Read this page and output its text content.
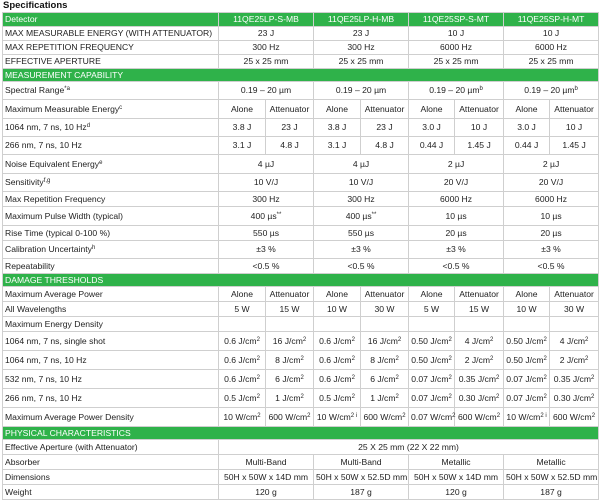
Specifications
Detector	11QE25LP-S-MB		11QE25LP-H-MB		11QE25SP-S-MT		11QE25SP-H-MT	
MAX MEASURABLE ENERGY (WITH ATTENUATOR)	23 J		23 J		10 J		10 J	
MAX REPETITION FREQUENCY	300 Hz		300 Hz		6000 Hz		6000 Hz	
EFFECTIVE APERTURE	25 x 25 mm		25 x 25 mm		25 x 25 mm		25 x 25 mm	
MEASUREMENT CAPABILITY								
Spectral Range$^{*a}$	0.19 – 20 µm		0.19 – 20 µm		0.19 – 20 µm$^b$		0.19 – 20 µm$^b$
Maximum Measurable Energy$^c$	Alone	Attenuator	Alone	Attenuator	Alone	Attenuator	Alone	Attenuator
1064 nm, 7 ns, 10 Hz$^d$	3.8 J	23 J	3.8 J	23 J	3.0 J	10 J	3.0 J	10 J
266 nm, 7 ns, 10 Hz	3.1 J	4.8 J	3.1 J	4.8 J	0.44 J	1.45 J	0.44 J	1.45 J
Noise Equivalent Energy$^e$	4 µJ		4 µJ		2 µJ		2 µJ	
Sensitivity$^{f,g}$	10 V/J		10 V/J		20 V/J		20 V/J	
Max Repetition Frequency	300 Hz		300 Hz		6000 Hz		6000 Hz	
Maximum Pulse Width (typical)	400 µs**		400 µs**		10 µs		10 µs	
Rise Time (typical 0-100 %)	550 µs		550 µs		20 µs		20 µs	
Calibration Uncertainty$^h$	±3 %		±3 %		±3 %		±3 %	
Repeatability	<0.5 %		<0.5 %		<0.5 %		<0.5 %	
DAMAGE THRESHOLDS								
Maximum Average Power	Alone	Attenuator	Alone	Attenuator	Alone	Attenuator	Alone	Attenuator
All Wavelengths	5 W	15 W	10 W	30 W	5 W	15 W	10 W	30 W
Maximum Energy Density								
1064 nm, 7 ns, single shot	0.6 $J/cm^2$	16 $J/cm^2$	0.6 $J/cm^2$	16 $J/cm^2$	0.50 $J/cm^2$	4 $J/cm^2$	0.50 $J/cm^2$	4 $J/cm^2$
1064 nm, 7 ns, 10 Hz	0.6 $J/cm^2$	8 $J/cm^2$	0.6 $J/cm^2$	8 $J/cm^2$	0.50 $J/cm^2$	2 $J/cm^2$	0.50 $J/cm^2$	2 $J/cm^2$
532 nm, 7 ns, 10 Hz	0.6 $J/cm^2$	6 $J/cm^2$	0.6 $J/cm^2$	6 $J/cm^2$	0.07 $J/cm^2$	0.35 $J/cm^2$	0.07 $J/cm^2$	0.35 $J/cm^2$
266 nm, 7 ns, 10 Hz	0.5 $J/cm^2$	1 $J/cm^2$	0.5 $J/cm^2$	1 $J/cm^2$	0.07 $J/cm^2$	0.30 $J/cm^2$	0.07 $J/cm^2$	0.30 $J/cm^2$
Maximum Average Power Density	10 $W/cm^2$	600 $W/cm^2$	10 $W/cm^{2 i}$	600 $W/cm^2$	0.07 $W/cm^2$	600 $W/cm^2$	10 $W/cm^{2 i}$	600 $W/cm^2$
PHYSICAL CHARACTERISTICS								
Effective Aperture (with Attenuator)	25 X 25 mm (22 X 22 mm)							
Absorber	Multi-Band		Multi-Band		Metallic		Metallic	
Dimensions	50H x 50W x 14D mm		50H x 50W x 52.5D mm		50H x 50W x 14D mm		50H x 50W x 52.5D mm	
Weight	120 g		187 g		120 g		187 g	
